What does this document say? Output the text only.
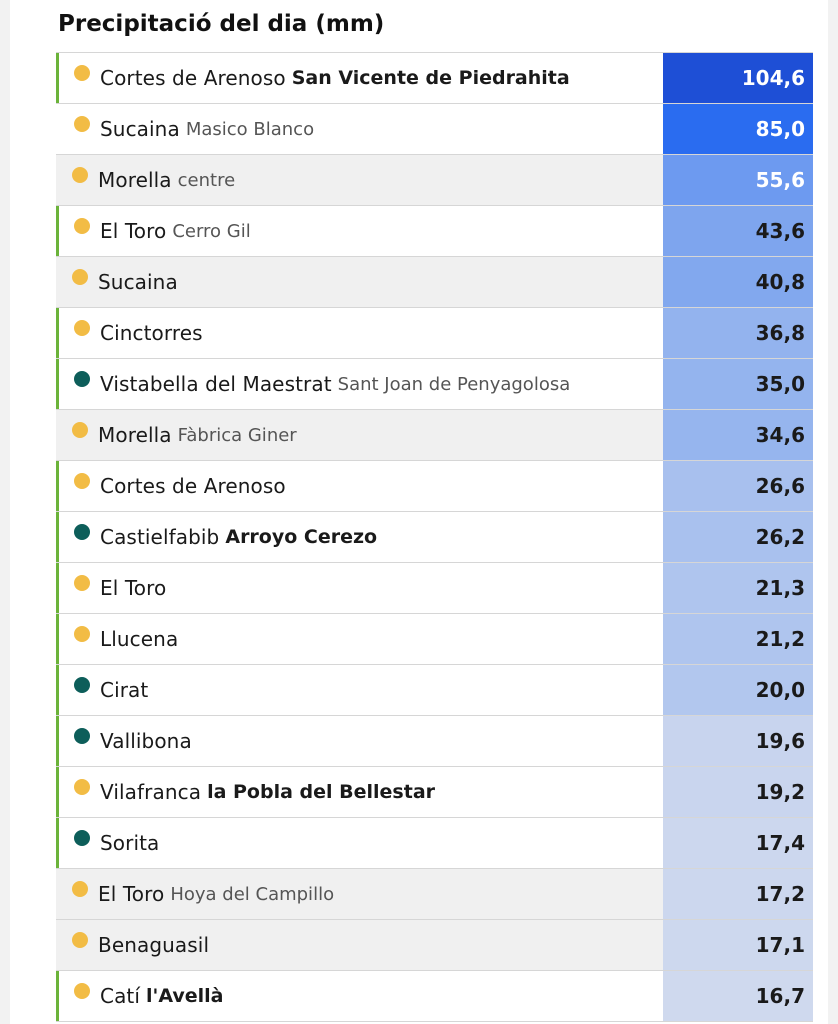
Precipitació del dia (mm)
Cortes de Arenoso San Vicente de Piedrahita	104,6
Sucaina Masico Blanco	85,0
Morella centre	55,6
El Toro Cerro Gil	43,6
Sucaina	40,8
Cinctorres	36,8
Vistabella del Maestrat Sant Joan de Penyagolosa	35,0
Morella Fàbrica Giner	34,6
Cortes de Arenoso	26,6
Castielfabib Arroyo Cerezo	26,2
El Toro	21,3
Llucena	21,2
Cirat	20,0
Vallibona	19,6
Vilafranca la Pobla del Bellestar	19,2
Sorita	17,4
El Toro Hoya del Campillo	17,2
Benaguasil	17,1
Catí l'Avellà	16,7
